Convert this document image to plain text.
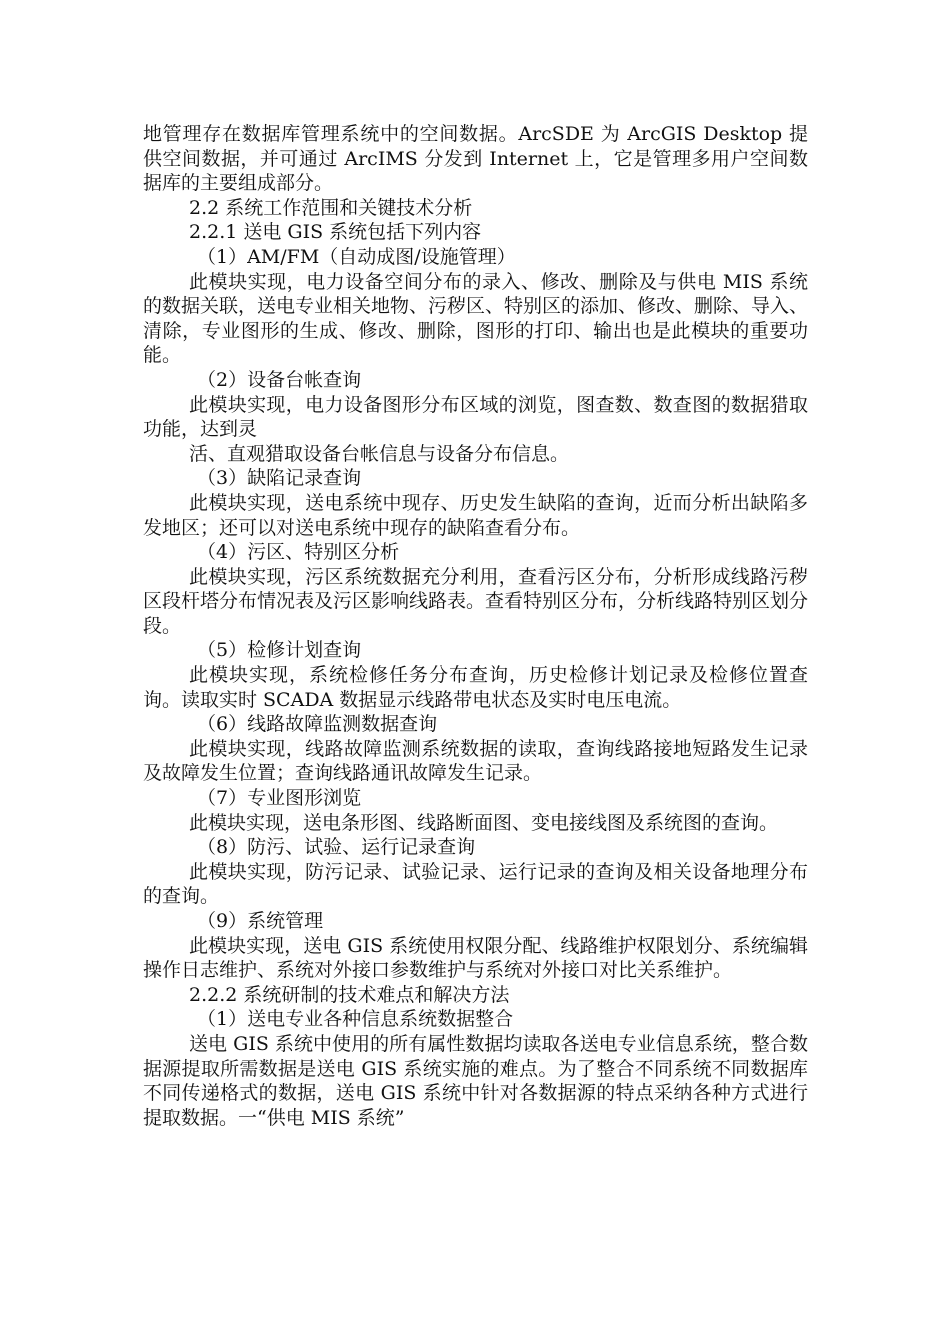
地管理存在数据库管理系统中的空间数据。ArcSDE 为 ArcGIS Desktop 提供空间数据，并可通过 ArcIMS 分发到 Internet 上，它是管理多用户空间数据库的主要组成部分。

2.2 系统工作范围和关键技术分析

2.2.1 送电 GIS 系统包括下列内容

（1）AM/FM（自动成图/设施管理）

此模块实现，电力设备空间分布的录入、修改、删除及与供电 MIS 系统的数据关联，送电专业相关地物、污秽区、特别区的添加、修改、删除、导入、清除，专业图形的生成、修改、删除，图形的打印、输出也是此模块的重要功能。

（2）设备台帐查询

此模块实现，电力设备图形分布区域的浏览，图查数、数查图的数据猎取功能，达到灵

活、直观猎取设备台帐信息与设备分布信息。

（3）缺陷记录查询

此模块实现，送电系统中现存、历史发生缺陷的查询，近而分析出缺陷多发地区；还可以对送电系统中现存的缺陷查看分布。

（4）污区、特别区分析

此模块实现，污区系统数据充分利用，查看污区分布，分析形成线路污秽区段杆塔分布情况表及污区影响线路表。查看特别区分布，分析线路特别区划分段。

（5）检修计划查询

此模块实现，系统检修任务分布查询，历史检修计划记录及检修位置查询。读取实时 SCADA 数据显示线路带电状态及实时电压电流。

（6）线路故障监测数据查询

此模块实现，线路故障监测系统数据的读取，查询线路接地短路发生记录及故障发生位置；查询线路通讯故障发生记录。

（7）专业图形浏览

此模块实现，送电条形图、线路断面图、变电接线图及系统图的查询。

（8）防污、试验、运行记录查询

此模块实现，防污记录、试验记录、运行记录的查询及相关设备地理分布的查询。

（9）系统管理

此模块实现，送电 GIS 系统使用权限分配、线路维护权限划分、系统编辑操作日志维护、系统对外接口参数维护与系统对外接口对比关系维护。

2.2.2 系统研制的技术难点和解决方法

（1）送电专业各种信息系统数据整合

送电 GIS 系统中使用的所有属性数据均读取各送电专业信息系统，整合数据源提取所需数据是送电 GIS 系统实施的难点。为了整合不同系统不同数据库不同传递格式的数据，送电 GIS 系统中针对各数据源的特点采纳各种方式进行提取数据。一“供电 MIS 系统”
